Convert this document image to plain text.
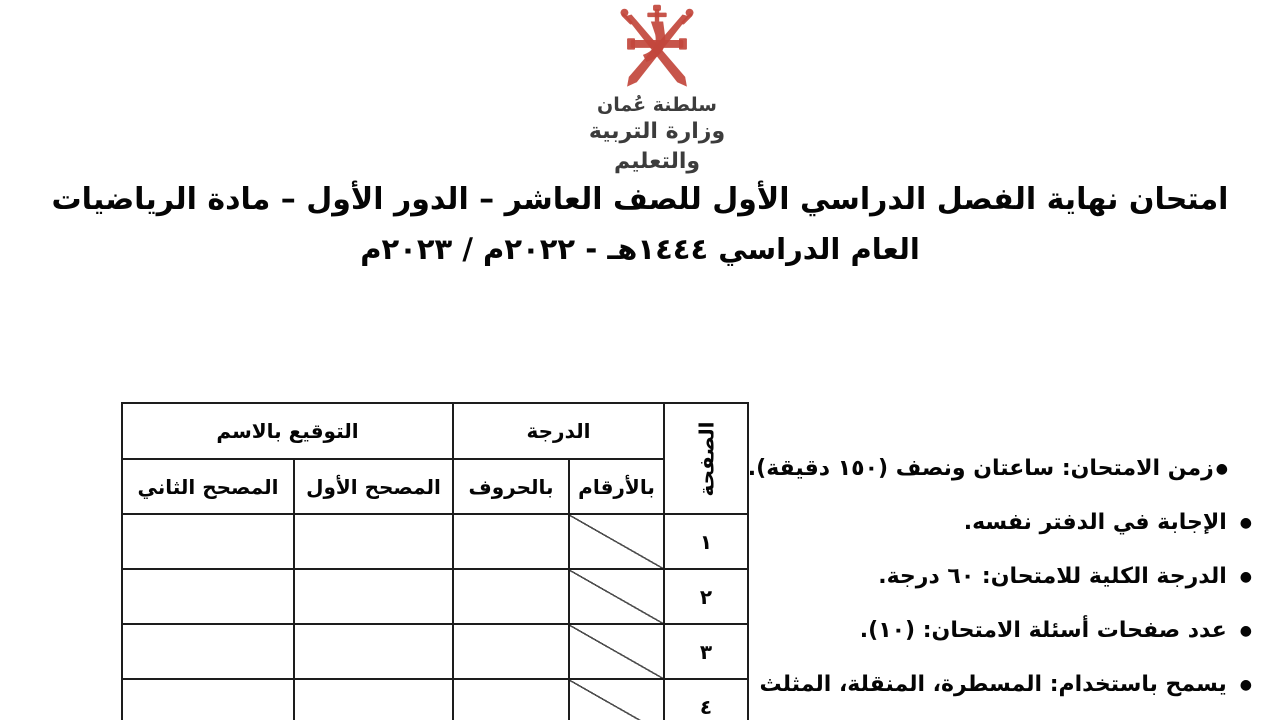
سلطنة عُمان
وزارة التربية والتعليم
امتحان نهاية الفصل الدراسي الأول للصف العاشر – الدور الأول – مادة الرياضيات
العام الدراسي ١٤٤٤هـ - ٢٠٢٢م / ٢٠٢٣م
الصفحة	الدرجة		التوقيع بالاسم	
	بالأرقام	بالحروف	المصحح الأول	المصحح الثاني
١				
٢				
٣				
٤				
●
زمن الامتحان: ساعتان ونصف (١٥٠ دقيقة).
●
الإجابة في الدفتر نفسه.
●
الدرجة الكلية للامتحان: ٦٠ درجة.
●
عدد صفحات أسئلة الامتحان: (١٠).
●
يسمح باستخدام: المسطرة، المنقلة، المثلث
